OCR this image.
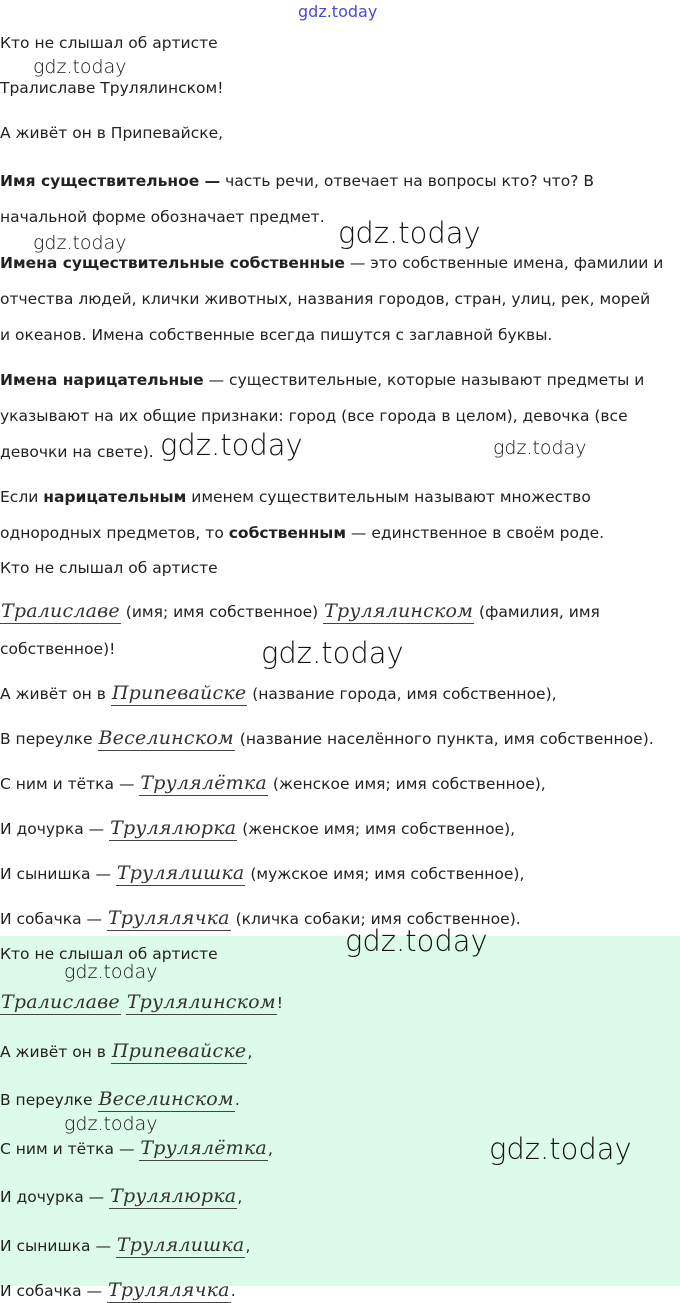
gdz.today

Кто не слышал об артисте

Тралиславе Трулялинском!

А живёт он в Припевайске,

Имя существительное — часть речи, отвечает на вопросы кто? что? В

начальной форме обозначает предмет.

Имена существительные собственные — это собственные имена, фамилии и

отчества людей, клички животных, названия городов, стран, улиц, рек, морей

и океанов. Имена собственные всегда пишутся с заглавной буквы.

Имена нарицательные — существительные, которые называют предметы и

указывают на их общие признаки: город (все города в целом), девочка (все

девочки на свете).

Если нарицательным именем существительным называют множество

однородных предметов, то собственным — единственное в своём роде.

Кто не слышал об артисте

Тралиславе (имя; имя собственное) Трулялинском (фамилия, имя

собственное)!

А живёт он в Припевайске (название города, имя собственное),

В переулке Веселинском (название населённого пункта, имя собственное).

С ним и тётка — Трулялётка (женское имя; имя собственное),

И дочурка — Трулялюрка (женское имя; имя собственное),

И сынишка — Трулялишка (мужское имя; имя собственное),

И собачка — Трулялячка (кличка собаки; имя собственное).

Кто не слышал об артисте

Тралиславе Трулялинском!

А живёт он в Припевайске,

В переулке Веселинском.

С ним и тётка — Трулялётка,

И дочурка — Трулялюрка,

И сынишка — Трулялишка,

И собачка — Трулялячка.

gdz.today
gdz.today	gdz.today
gdz.today	gdz.today
gdz.today
gdz.today
gdz.today
gdz.today
gdz.today
